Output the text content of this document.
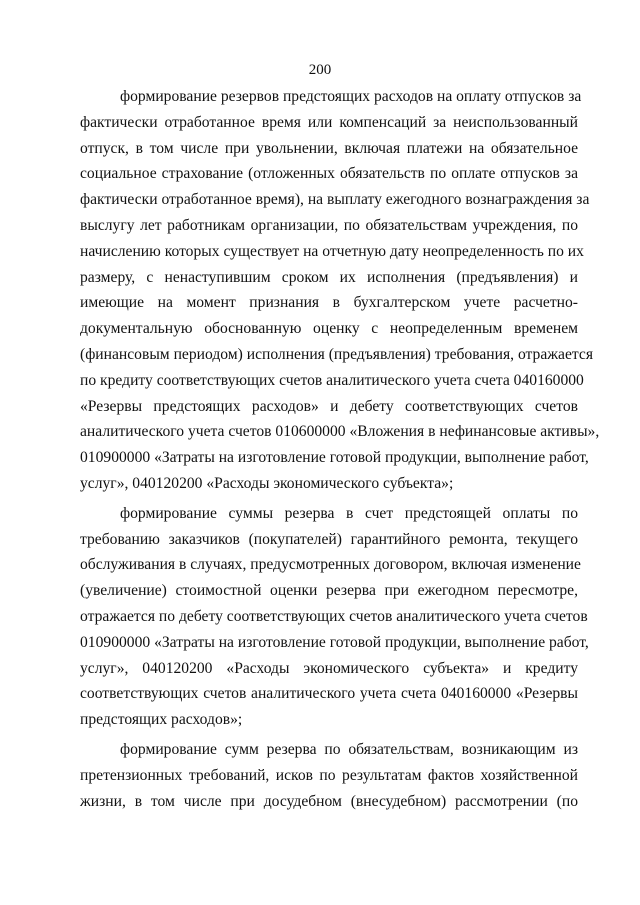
200
формирование резервов предстоящих расходов на оплату отпусков за
фактически отработанное время или компенсаций за неиспользованный
отпуск, в том числе при увольнении, включая платежи на обязательное
социальное страхование (отложенных обязательств по оплате отпусков за
фактически отработанное время), на выплату ежегодного вознаграждения за
выслугу лет работникам организации, по обязательствам учреждения, по
начислению которых существует на отчетную дату неопределенность по их
размеру, с ненаступившим сроком их исполнения (предъявления) и
имеющие на момент признания в бухгалтерском учете расчетно-
документальную обоснованную оценку с неопределенным временем
(финансовым периодом) исполнения (предъявления) требования, отражается
по кредиту соответствующих счетов аналитического учета счета 040160000
«Резервы предстоящих расходов» и дебету соответствующих счетов
аналитического учета счетов 010600000 «Вложения в нефинансовые активы»,
010900000 «Затраты на изготовление готовой продукции, выполнение работ,
услуг», 040120200 «Расходы экономического субъекта»;
формирование суммы резерва в счет предстоящей оплаты по
требованию заказчиков (покупателей) гарантийного ремонта, текущего
обслуживания в случаях, предусмотренных договором, включая изменение
(увеличение) стоимостной оценки резерва при ежегодном пересмотре,
отражается по дебету соответствующих счетов аналитического учета счетов
010900000 «Затраты на изготовление готовой продукции, выполнение работ,
услуг», 040120200 «Расходы экономического субъекта» и кредиту
соответствующих счетов аналитического учета счета 040160000 «Резервы
предстоящих расходов»;
формирование сумм резерва по обязательствам, возникающим из
претензионных требований, исков по результатам фактов хозяйственной
жизни, в том числе при досудебном (внесудебном) рассмотрении (по
